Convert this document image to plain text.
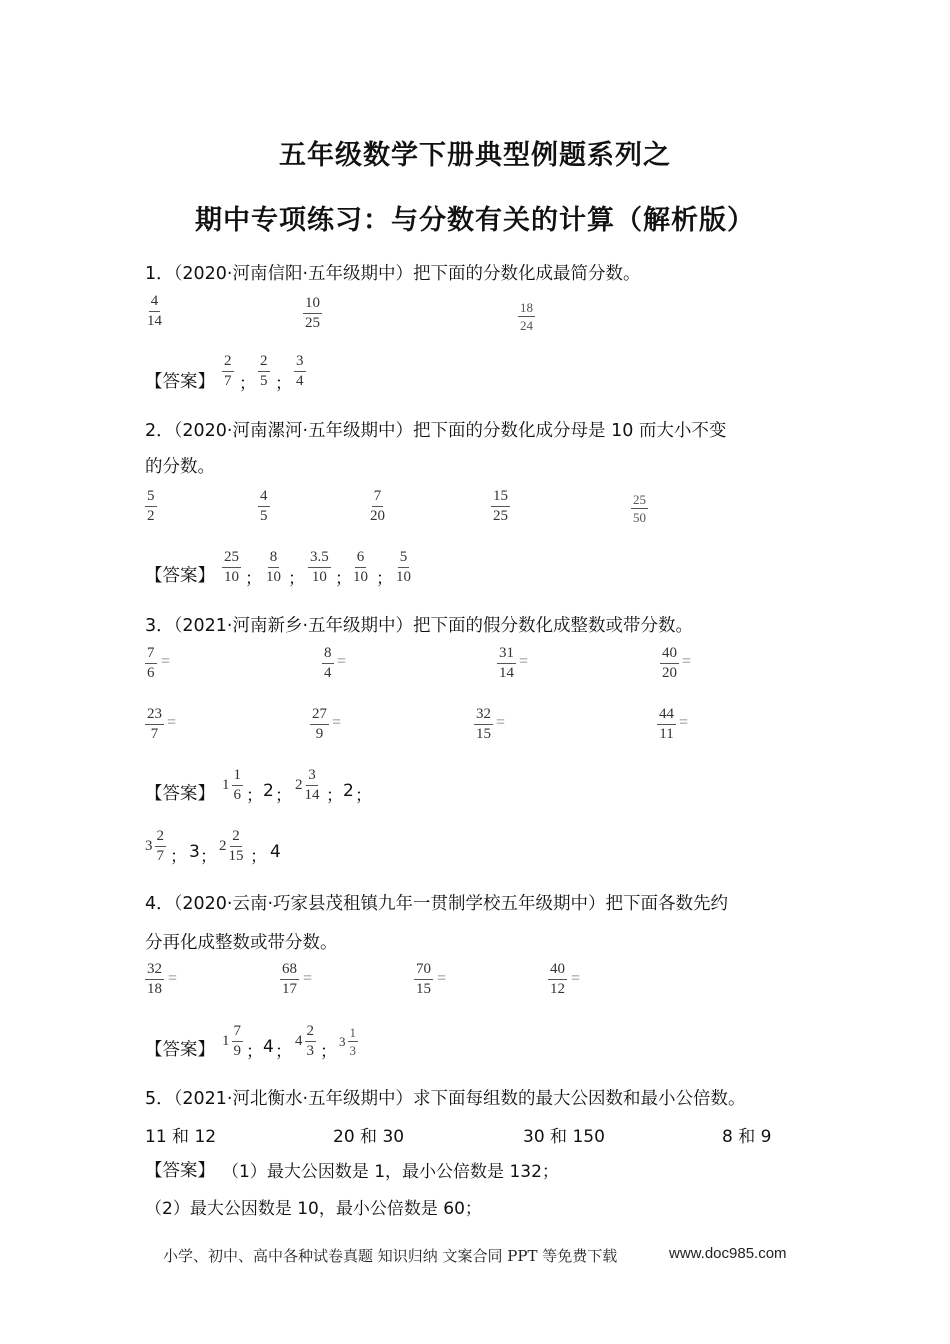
五年级数学下册典型例题系列之
期中专项练习：与分数有关的计算（解析版）
1．（2020·河南信阳·五年级期中）把下面的分数化成最简分数。
$\frac{4}{14}$	$\frac{10}{25}$	$\frac{18}{24}$
【答案】 $\frac{2}{7}$ ； $\frac{2}{5}$ ； $\frac{3}{4}$
2．（2020·河南漯河·五年级期中）把下面的分数化成分母是 10 而大小不变
的分数。
$\frac{5}{2}$	$\frac{4}{5}$	$\frac{7}{20}$	$\frac{15}{25}$	$\frac{25}{50}$
【答案】 $\frac{25}{10}$ ； $\frac{8}{10}$ ； $\frac{3.5}{10}$ ； $\frac{6}{10}$ ； $\frac{5}{10}$
3．（2021·河南新乡·五年级期中）把下面的假分数化成整数或带分数。
$\frac{7}{6}$ =	$\frac{8}{4}$ =	$\frac{31}{14}$ =	$\frac{40}{20}$ =
$\frac{23}{7}$ =	$\frac{27}{9}$ =	$\frac{32}{15}$ =	$\frac{44}{11}$ =
【答案】 $1 \frac{1}{6}$ ； 2 ；
$2 \frac{3}{14}$ ； 2 ；
$3 \frac{2}{7}$ ； 3 ；
$2 \frac{2}{15}$ ； 4
4．（2020·云南·巧家县茂租镇九年一贯制学校五年级期中）把下面各数先约
分再化成整数或带分数。
$\frac{32}{18}$ =	$\frac{68}{17}$ =	$\frac{70}{15}$ =	$\frac{40}{12}$ =
【答案】 $1 \frac{7}{9}$ ； 4 ；
$4 \frac{2}{3}$ ；
$3 \frac{1}{3}$
5．（2021·河北衡水·五年级期中）求下面每组数的最大公因数和最小公倍数。
11 和 12	20 和 30	30 和 150	8 和 9
【答案】 （1）最大公因数是 1，最小公倍数是 132；
（2）最大公因数是 10，最小公倍数是 60；
小学、初中、高中各种试卷真题 知识归纳 文案合同 PPT 等免费下载	www.doc985.com
